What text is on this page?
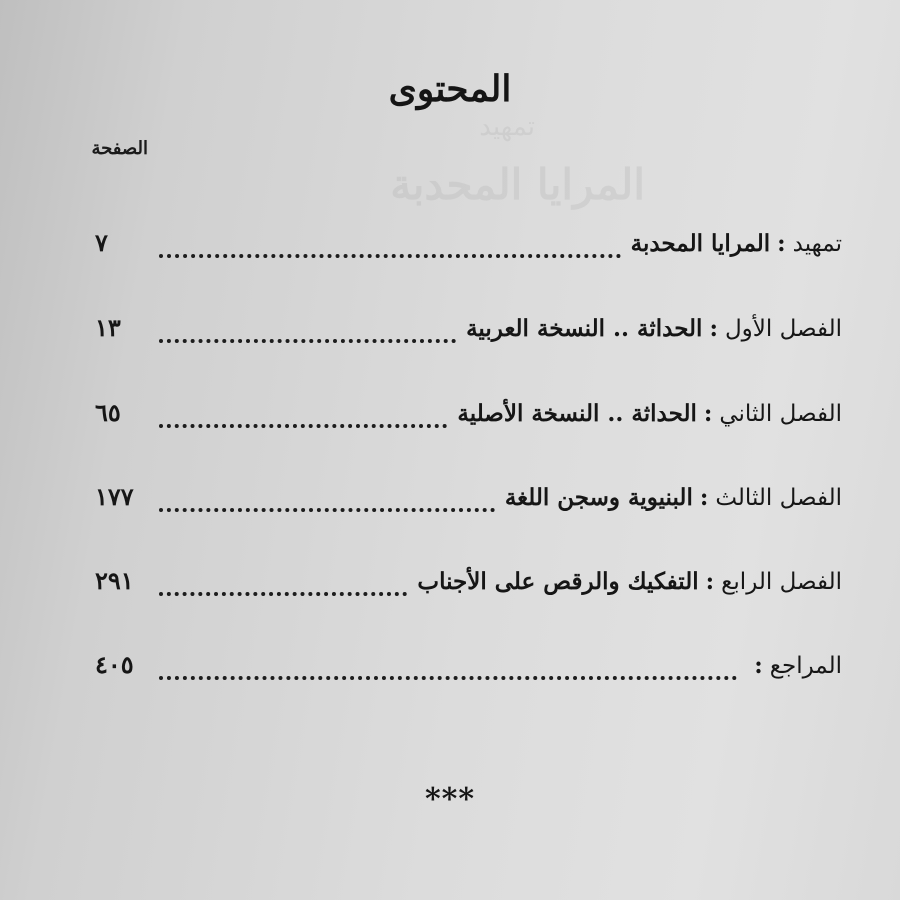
تمهيد
المرايا المحدبة
المحتوى
الصفحة
تمهيد:المرايا المحدبة
٧
الفصل الأول:الحداثة .. النسخة العربية
١٣
الفصل الثاني:الحداثة .. النسخة الأصلية
٦٥
الفصل الثالث:البنيوية وسجن اللغة
١٧٧
الفصل الرابع:التفكيك والرقص على الأجناب
٢٩١
المراجع:
٤٠٥
***
